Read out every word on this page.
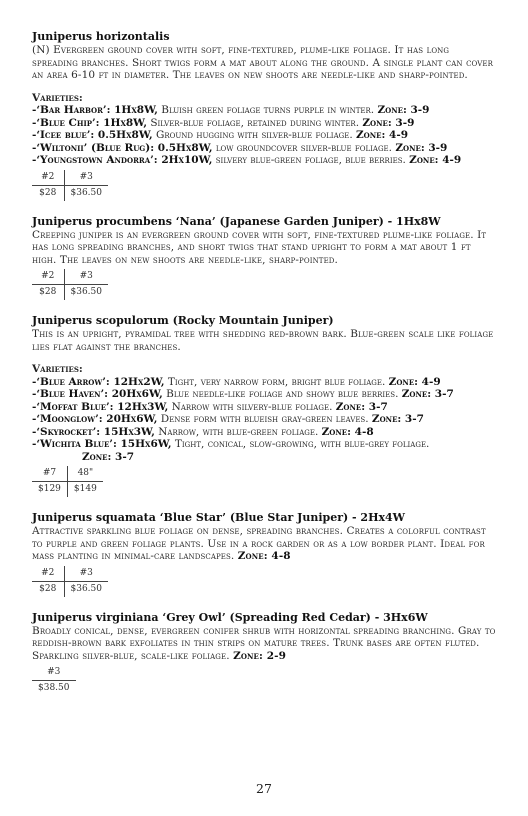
Juniperus horizontalis
(N) Evergreen ground cover with soft, fine-textured, plume-like foliage. It has long spreading branches. Short twigs form a mat about along the ground. A single plant can cover an area 6-10 ft in diameter. The leaves on new shoots are needle-like and sharp-pointed.
Varieties:
-‘Bar Harbor’: 1Hx8W, Bluish green foliage turns purple in winter. Zone: 3-9
-‘Blue Chip’: 1Hx8W, Silver-blue foliage, retained during winter. Zone: 3-9
-‘Icee blue’: 0.5Hx8W, Ground hugging with silver-blue foliage. Zone: 4-9
-‘Wiltonii’ (Blue Rug): 0.5Hx8W, low groundcover silver-blue foliage. Zone: 3-9
-‘Youngstown Andorra’: 2Hx10W, silvery blue-green foliage, blue berries. Zone: 4-9
#2	#3
$28	$36.50
Juniperus procumbens ‘Nana’ (Japanese Garden Juniper) - 1Hx8W
Creeping juniper is an evergreen ground cover with soft, fine-textured plume-like foliage. It has long spreading branches, and short twigs that stand upright to form a mat about 1 ft high. The leaves on new shoots are needle-like, sharp-pointed.
#2	#3
$28	$36.50
Juniperus scopulorum (Rocky Mountain Juniper)
This is an upright, pyramidal tree with shedding red-brown bark. Blue-green scale like foliage lies flat against the branches.
Varieties:
-‘Blue Arrow’: 12Hx2W, Tight, very narrow form, bright blue foliage. Zone: 4-9
-‘Blue Haven’: 20Hx6W, Blue needle-like foliage and showy blue berries. Zone: 3-7
-‘Moffat Blue’: 12Hx3W, Narrow with silvery-blue foliage. Zone: 3-7
-‘Moonglow’: 20Hx6W, Dense form with blueish gray-green leaves. Zone: 3-7
-‘Skyrocket’: 15Hx3W, Narrow, with blue-green foliage. Zone: 4-8
-‘Wichita Blue’: 15Hx6W, Tight, conical, slow-growing, with blue-grey foliage.
Zone: 3-7
#7	48"
$129	$149
Juniperus squamata ‘Blue Star’ (Blue Star Juniper) - 2Hx4W
Attractive sparkling blue foliage on dense, spreading branches. Creates a colorful contrast to purple and green foliage plants. Use in a rock garden or as a low border plant. Ideal for mass planting in minimal-care landscapes. Zone: 4-8
#2	#3
$28	$36.50
Juniperus virginiana ‘Grey Owl’ (Spreading Red Cedar) - 3Hx6W
Broadly conical, dense, evergreen conifer shrub with horizontal spreading branching. Gray to reddish-brown bark exfoliates in thin strips on mature trees. Trunk bases are often fluted. Sparkling silver-blue, scale-like foliage. Zone: 2-9
#3
$38.50
27
